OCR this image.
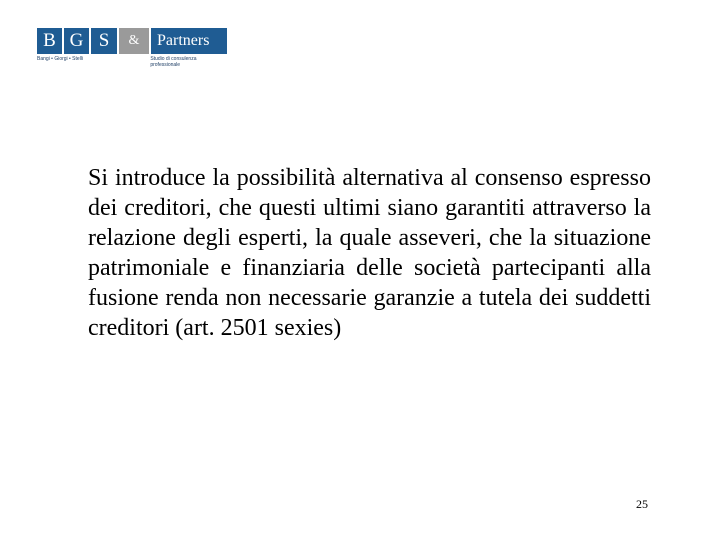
B G S	&	Partners
Bangi • Giorgi • Stelli	Studio di consulenza professionale
Si introduce la possibilità alternativa al consenso espresso dei creditori, che questi ultimi siano garantiti attraverso la relazione degli esperti, la quale asseveri, che la situazione patrimoniale e finanziaria delle società partecipanti alla fusione renda non necessarie garanzie a tutela dei suddetti creditori (art. 2501 sexies)
25
